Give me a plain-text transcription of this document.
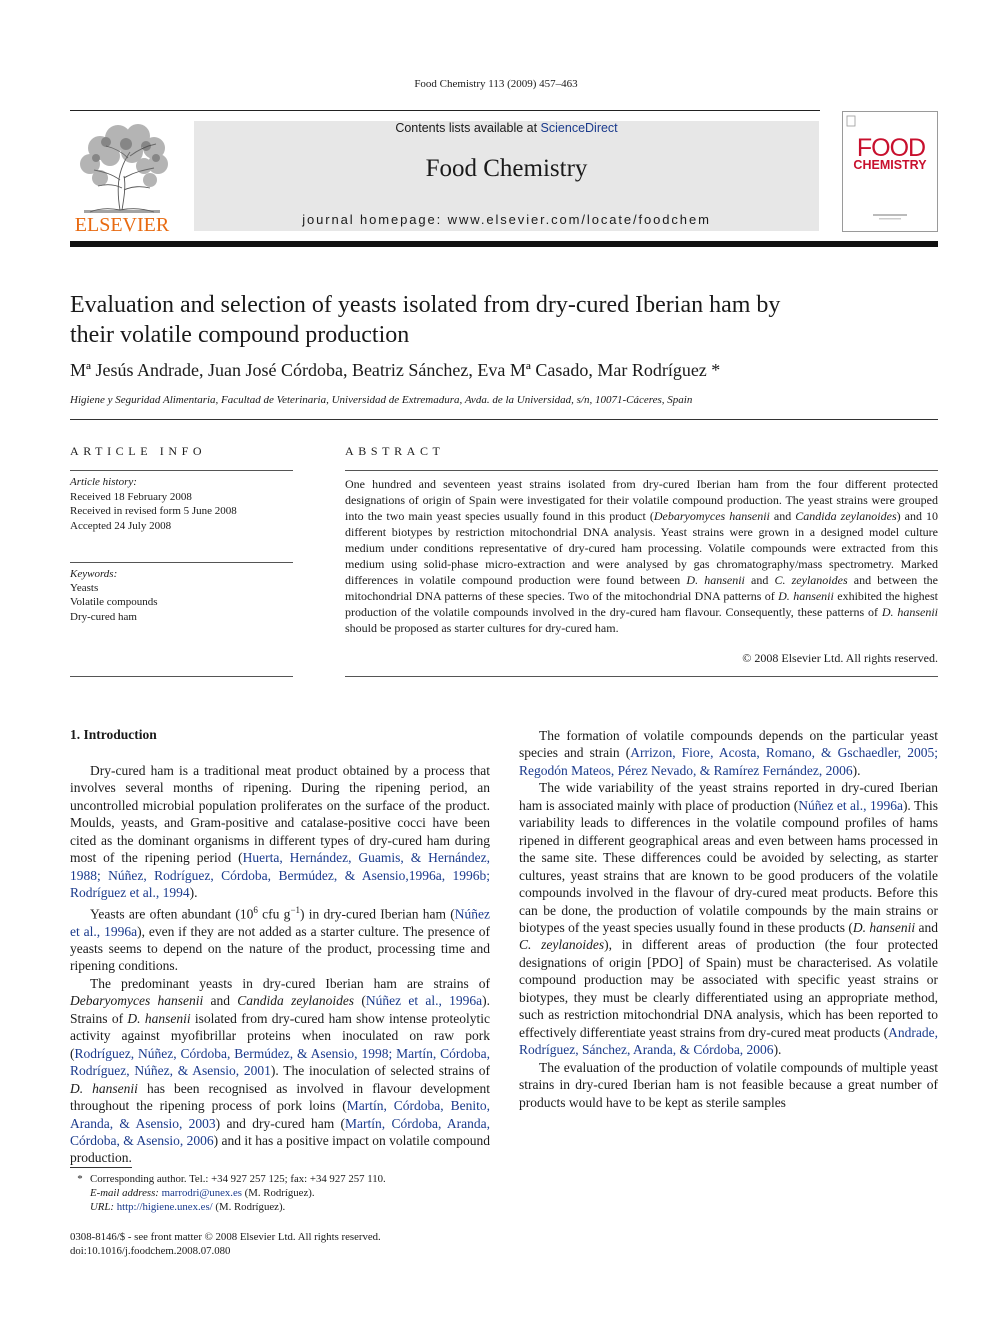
Food Chemistry 113 (2009) 457–463
ELSEVIER
Contents lists available at ScienceDirect
Food Chemistry
journal homepage: www.elsevier.com/locate/foodchem
FOOD
CHEMISTRY
Evaluation and selection of yeasts isolated from dry-cured Iberian ham by
their volatile compound production
Mª Jesús Andrade, Juan José Córdoba, Beatriz Sánchez, Eva Mª Casado, Mar Rodríguez *
Higiene y Seguridad Alimentaria, Facultad de Veterinaria, Universidad de Extremadura, Avda. de la Universidad, s/n, 10071-Cáceres, Spain
ARTICLE INFO
Article history:
Received 18 February 2008
Received in revised form 5 June 2008
Accepted 24 July 2008
Keywords:
Yeasts
Volatile compounds
Dry-cured ham
ABSTRACT
One hundred and seventeen yeast strains isolated from dry-cured Iberian ham from the four different protected designations of origin of Spain were investigated for their volatile compound production. The yeast strains were grouped into the two main yeast species usually found in this product (Debaryomyces hansenii and Candida zeylanoides) and 10 different biotypes by restriction mitochondrial DNA analysis. Yeast strains were grown in a designed model culture medium under conditions representative of dry-cured ham processing. Volatile compounds were extracted from this medium using solid-phase micro-extraction and were analysed by gas chromatography/mass spectrometry. Marked differences in volatile compound production were found between D. hansenii and C. zeylanoides and between the mitochondrial DNA patterns of these species. Two of the mitochondrial DNA patterns of D. hansenii exhibited the highest production of the volatile compounds involved in the dry-cured ham flavour. Consequently, these patterns of D. hansenii should be proposed as starter cultures for dry-cured ham.
© 2008 Elsevier Ltd. All rights reserved.
1. Introduction

Dry-cured ham is a traditional meat product obtained by a process that involves several months of ripening. During the ripening period, an uncontrolled microbial population proliferates on the surface of the product. Moulds, yeasts, and Gram-positive and catalase-positive cocci have been cited as the dominant organisms in different types of dry-cured ham during most of the ripening period (Huerta, Hernández, Guamis, & Hernández, 1988; Núñez, Rodríguez, Córdoba, Bermúdez, & Asensio,1996a, 1996b; Rodríguez et al., 1994).

Yeasts are often abundant ($10^6$ cfu $g^{-1}$) in dry-cured Iberian ham (Núñez et al., 1996a), even if they are not added as a starter culture. The presence of yeasts seems to depend on the nature of the product, processing time and ripening conditions.

The predominant yeasts in dry-cured Iberian ham are strains of Debaryomyces hansenii and Candida zeylanoides (Núñez et al., 1996a). Strains of D. hansenii isolated from dry-cured ham show intense proteolytic activity against myofibrillar proteins when inoculated on raw pork (Rodríguez, Núñez, Córdoba, Bermúdez, & Asensio, 1998; Martín, Córdoba, Rodríguez, Núñez, & Asensio, 2001). The inoculation of selected strains of D. hansenii has been recognised as involved in flavour development throughout the ripening process of pork loins (Martín, Córdoba, Benito, Aranda, & Asensio, 2003) and dry-cured ham (Martín, Córdoba, Aranda, Córdoba, & Asensio, 2006) and it has a positive impact on volatile compound production.

The formation of volatile compounds depends on the particular yeast species and strain (Arrizon, Fiore, Acosta, Romano, & Gschaedler, 2005; Regodón Mateos, Pérez Nevado, & Ramírez Fernández, 2006).

The wide variability of the yeast strains reported in dry-cured Iberian ham is associated mainly with place of production (Núñez et al., 1996a). This variability leads to differences in the volatile compound profiles of hams ripened in different geographical areas and even between hams processed in the same site. These differences could be avoided by selecting, as starter cultures, yeast strains that are known to be good producers of the volatile compounds involved in the flavour of dry-cured meat products. Before this can be done, the production of volatile compounds by the main strains or biotypes of the yeast species usually found in these products (D. hansenii and C. zeylanoides), in different areas of production (the four protected designations of origin [PDO] of Spain) must be characterised. As volatile compound production may be associated with specific yeast strains or biotypes, they must be clearly differentiated using an appropriate method, such as restriction mitochondrial DNA analysis, which has been reported to effectively differentiate yeast strains from dry-cured meat products (Andrade, Rodríguez, Sánchez, Aranda, & Córdoba, 2006).

The evaluation of the production of volatile compounds of multiple yeast strains in dry-cured Iberian ham is not feasible because a great number of products would have to be kept as sterile samples

* Corresponding author. Tel.: +34 927 257 125; fax: +34 927 257 110.
E-mail address: marrodri@unex.es (M. Rodríguez).
URL: http://higiene.unex.es/ (M. Rodríguez).
0308-8146/$ - see front matter © 2008 Elsevier Ltd. All rights reserved.
doi:10.1016/j.foodchem.2008.07.080
